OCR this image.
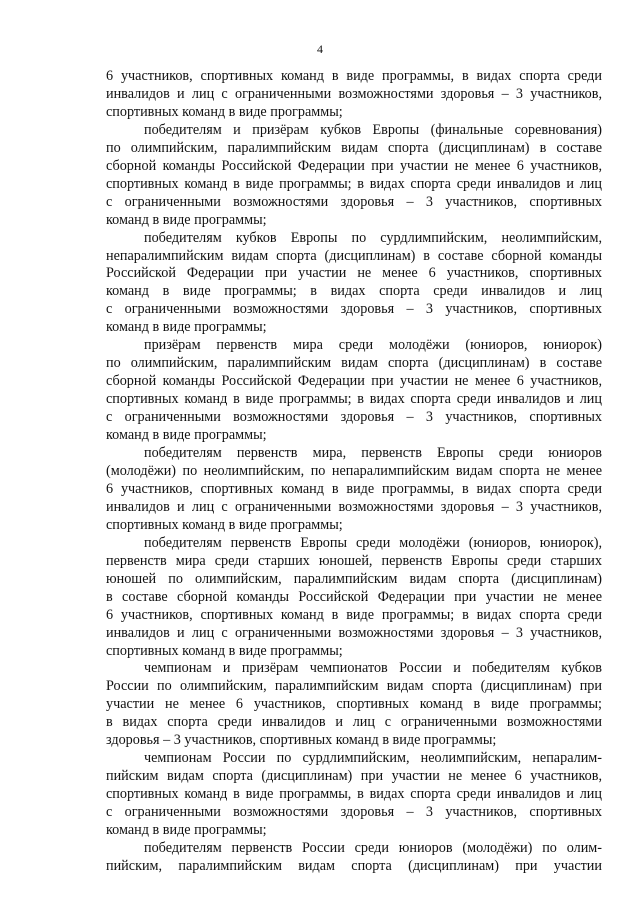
4
6 участников, спортивных команд в виде программы, в видах спорта среди
инвалидов и лиц с ограниченными возможностями здоровья – 3 участников,
спортивных команд в виде программы;
победителям и призёрам кубков Европы (финальные соревнования)
по олимпийским, паралимпийским видам спорта (дисциплинам) в составе
сборной команды Российской Федерации при участии не менее 6 участников,
спортивных команд в виде программы; в видах спорта среди инвалидов и лиц
с ограниченными возможностями здоровья – 3 участников, спортивных
команд в виде программы;
победителям кубков Европы по сурдлимпийским, неолимпийским,
непаралимпийским видам спорта (дисциплинам) в составе сборной команды
Российской Федерации при участии не менее 6 участников, спортивных
команд в виде программы; в видах спорта среди инвалидов и лиц
с ограниченными возможностями здоровья – 3 участников, спортивных
команд в виде программы;
призёрам первенств мира среди молодёжи (юниоров, юниорок)
по олимпийским, паралимпийским видам спорта (дисциплинам) в составе
сборной команды Российской Федерации при участии не менее 6 участников,
спортивных команд в виде программы; в видах спорта среди инвалидов и лиц
с ограниченными возможностями здоровья – 3 участников, спортивных
команд в виде программы;
победителям первенств мира, первенств Европы среди юниоров
(молодёжи) по неолимпийским, по непаралимпийским видам спорта не менее
6 участников, спортивных команд в виде программы, в видах спорта среди
инвалидов и лиц с ограниченными возможностями здоровья – 3 участников,
спортивных команд в виде программы;
победителям первенств Европы среди молодёжи (юниоров, юниорок),
первенств мира среди старших юношей, первенств Европы среди старших
юношей по олимпийским, паралимпийским видам спорта (дисциплинам)
в составе сборной команды Российской Федерации при участии не менее
6 участников, спортивных команд в виде программы; в видах спорта среди
инвалидов и лиц с ограниченными возможностями здоровья – 3 участников,
спортивных команд в виде программы;
чемпионам и призёрам чемпионатов России и победителям кубков
России по олимпийским, паралимпийским видам спорта (дисциплинам) при
участии не менее 6 участников, спортивных команд в виде программы;
в видах спорта среди инвалидов и лиц с ограниченными возможностями
здоровья – 3 участников, спортивных команд в виде программы;
чемпионам России по сурдлимпийским, неолимпийским, непаралим-
пийским видам спорта (дисциплинам) при участии не менее 6 участников,
спортивных команд в виде программы, в видах спорта среди инвалидов и лиц
с ограниченными возможностями здоровья – 3 участников, спортивных
команд в виде программы;
победителям первенств России среди юниоров (молодёжи) по олим-
пийским, паралимпийским видам спорта (дисциплинам) при участии
